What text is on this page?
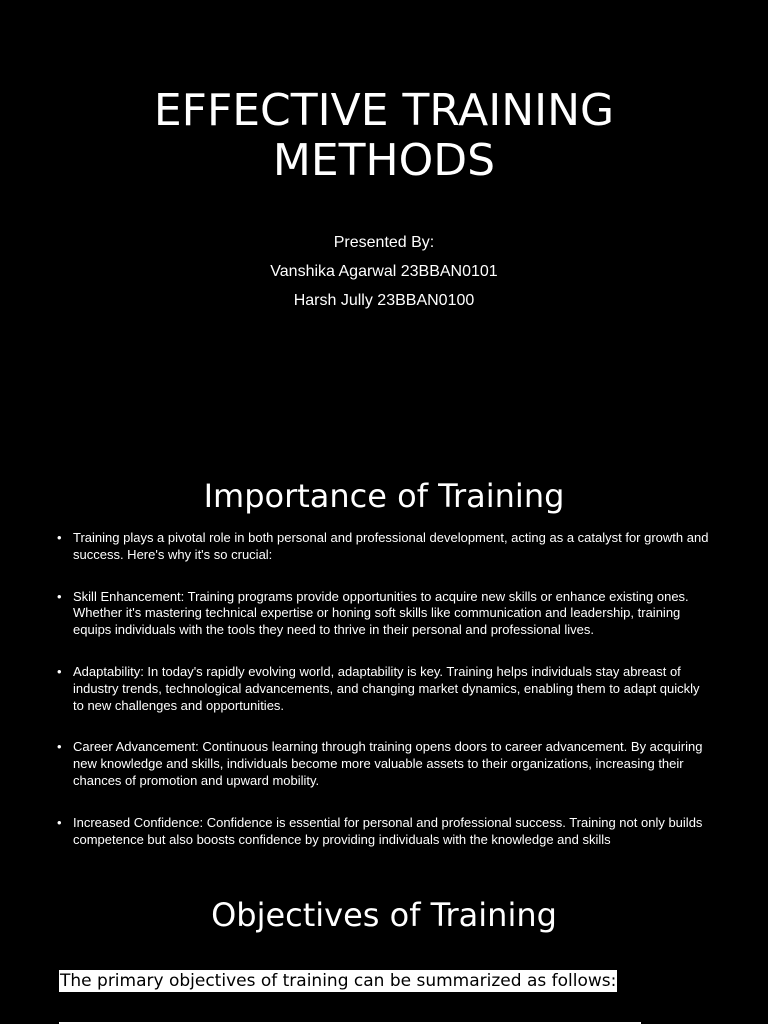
EFFECTIVE TRAINING
METHODS
Presented By:
Vanshika Agarwal 23BBAN0101
Harsh Jully 23BBAN0100
Importance of Training
• Training plays a pivotal role in both personal and professional development, acting as a catalyst for growth and success. Here's why it's so crucial:
• Skill Enhancement: Training programs provide opportunities to acquire new skills or enhance existing ones. Whether it's mastering technical expertise or honing soft skills like communication and leadership, training equips individuals with the tools they need to thrive in their personal and professional lives.
• Adaptability: In today's rapidly evolving world, adaptability is key. Training helps individuals stay abreast of industry trends, technological advancements, and changing market dynamics, enabling them to adapt quickly to new challenges and opportunities.
• Career Advancement: Continuous learning through training opens doors to career advancement. By acquiring new knowledge and skills, individuals become more valuable assets to their organizations, increasing their chances of promotion and upward mobility.
• Increased Confidence: Confidence is essential for personal and professional success. Training not only builds competence but also boosts confidence by providing individuals with the knowledge and skills
Objectives of Training
The primary objectives of training can be summarized as follows:
